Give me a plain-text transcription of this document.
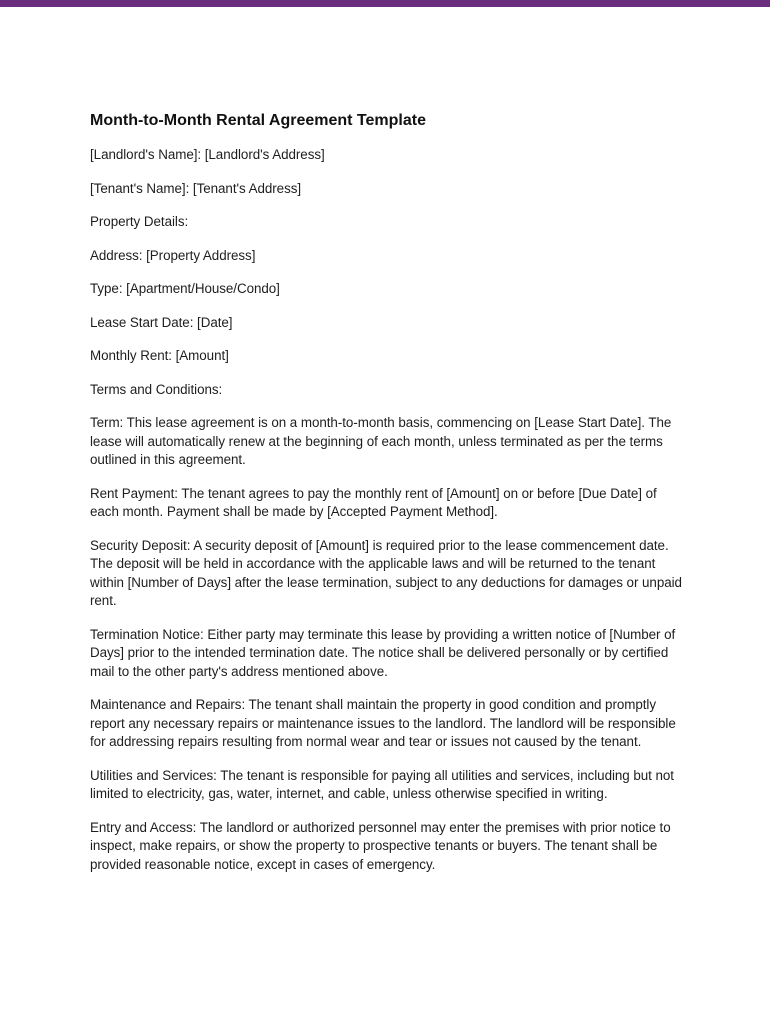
Month-to-Month Rental Agreement Template

[Landlord's Name]: [Landlord's Address]

[Tenant's Name]: [Tenant's Address]

Property Details:

Address: [Property Address]

Type: [Apartment/House/Condo]

Lease Start Date: [Date]

Monthly Rent: [Amount]

Terms and Conditions:

Term: This lease agreement is on a month-to-month basis, commencing on [Lease Start Date]. The lease will automatically renew at the beginning of each month, unless terminated as per the terms outlined in this agreement.

Rent Payment: The tenant agrees to pay the monthly rent of [Amount] on or before [Due Date] of each month. Payment shall be made by [Accepted Payment Method].

Security Deposit: A security deposit of [Amount] is required prior to the lease commencement date. The deposit will be held in accordance with the applicable laws and will be returned to the tenant within [Number of Days] after the lease termination, subject to any deductions for damages or unpaid rent.

Termination Notice: Either party may terminate this lease by providing a written notice of [Number of Days] prior to the intended termination date. The notice shall be delivered personally or by certified mail to the other party's address mentioned above.

Maintenance and Repairs: The tenant shall maintain the property in good condition and promptly report any necessary repairs or maintenance issues to the landlord. The landlord will be responsible for addressing repairs resulting from normal wear and tear or issues not caused by the tenant.

Utilities and Services: The tenant is responsible for paying all utilities and services, including but not limited to electricity, gas, water, internet, and cable, unless otherwise specified in writing.

Entry and Access: The landlord or authorized personnel may enter the premises with prior notice to inspect, make repairs, or show the property to prospective tenants or buyers. The tenant shall be provided reasonable notice, except in cases of emergency.
